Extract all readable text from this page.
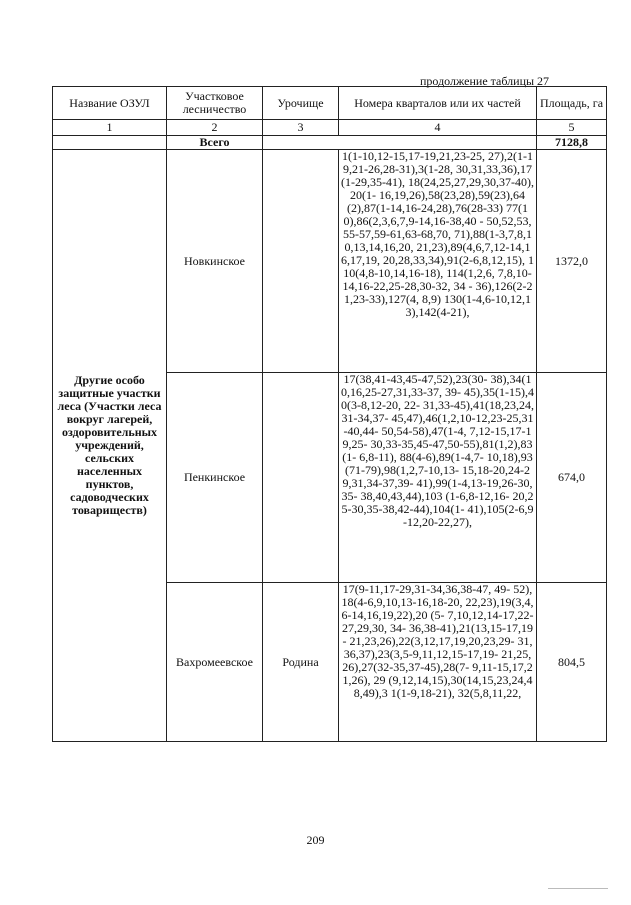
продолжение таблицы 27
Название ОЗУЛ	Участковое лесничество	Урочище	Номера кварталов или их частей	Площадь, га
1	2	3	4	5
	Всего			7128,8
Другие особо защитные участки леса (Участки леса вокруг лагерей, оздоровительных учреждений, сельских населенных пунктов, садоводческих товариществ)	Новкинское		1(1-10,12-15,17-19,21,23-25, 27),2(1-19,21-26,28-31),3(1-28, 30,31,33,36),17(1-29,35-41), 18(24,25,27,29,30,37-40),20(1- 16,19,26),58(23,28),59(23),64 (2),87(1-14,16-24,28),76(28-33) 77(10),86(2,3,6,7,9-14,16-38,40 - 50,52,53,55-57,59-61,63-68,70, 71),88(1-3,7,8,10,13,14,16,20, 21,23),89(4,6,7,12-14,16,17,19, 20,28,33,34),91(2-6,8,12,15), 110(4,8-10,14,16-18), 114(1,2,6, 7,8,10-14,16-22,25-28,30-32, 34 - 36),126(2-21,23-33),127(4, 8,9) 130(1-4,6-10,12,13),142(4-21),	1372,0
	Пенкинское		17(38,41-43,45-47,52),23(30- 38),34(10,16,25-27,31,33-37, 39- 45),35(1-15),40(3-8,12-20, 22- 31,33-45),41(18,23,24,31-34,37- 45,47),46(1,2,10-12,23-25,31-40,44- 50,54-58),47(1-4, 7,12-15,17-19,25- 30,33-35,45-47,50-55),81(1,2),83(1- 6,8-11), 88(4-6),89(1-4,7- 10,18),93(71-79),98(1,2,7-10,13- 15,18-20,24-29,31,34-37,39- 41),99(1-4,13-19,26-30,35- 38,40,43,44),103 (1-6,8-12,16- 20,25-30,35-38,42-44),104(1- 41),105(2-6,9-12,20-22,27),	674,0
	Вахромеевское	Родина	17(9-11,17-29,31-34,36,38-47, 49- 52),18(4-6,9,10,13-16,18-20, 22,23),19(3,4,6-14,16,19,22),20 (5- 7,10,12,14-17,22-27,29,30, 34- 36,38-41),21(13,15-17,19- 21,23,26),22(3,12,17,19,20,23,29- 31,36,37),23(3,5-9,11,12,15-17,19- 21,25,26),27(32-35,37-45),28(7- 9,11-15,17,21,26), 29 (9,12,14,15),30(14,15,23,24,48,49),3 1(1-9,18-21), 32(5,8,11,22,	804,5
209
